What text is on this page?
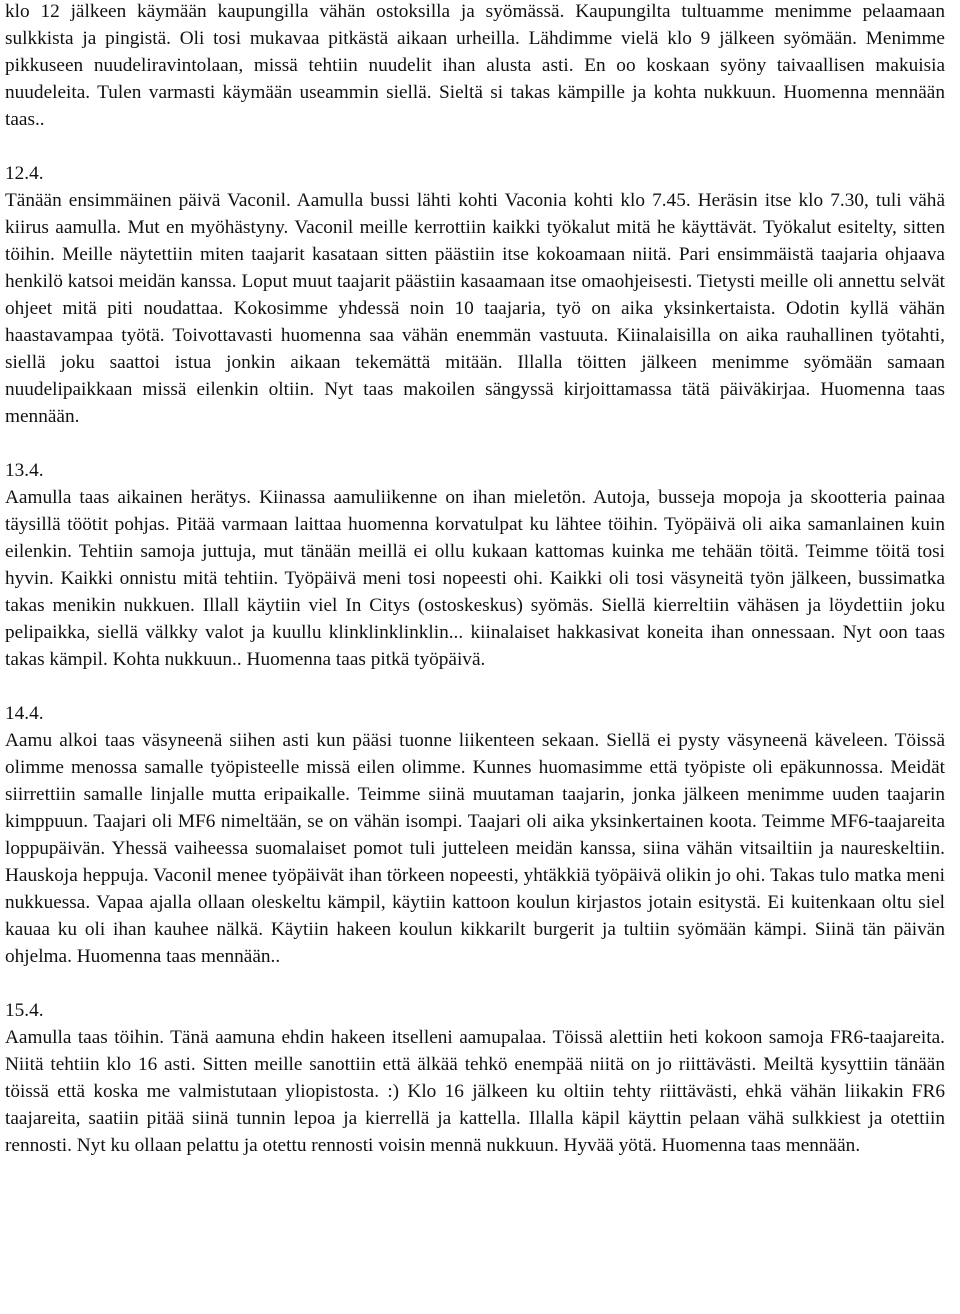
klo 12 jälkeen käymään kaupungilla vähän ostoksilla ja syömässä. Kaupungilta tultuamme menimme pelaamaan sulkkista ja pingistä. Oli tosi mukavaa pitkästä aikaan urheilla. Lähdimme vielä klo 9 jälkeen syömään. Menimme pikkuseen nuudeliravintolaan, missä tehtiin nuudelit ihan alusta asti. En oo koskaan syöny taivaallisen makuisia nuudeleita. Tulen varmasti käymään useammin siellä. Sieltä si takas kämpille ja kohta nukkuun. Huomenna mennään taas..

12.4.

Tänään ensimmäinen päivä Vaconil. Aamulla bussi lähti kohti Vaconia kohti klo 7.45. Heräsin itse klo 7.30, tuli vähä kiirus aamulla. Mut en myöhästyny. Vaconil meille kerrottiin kaikki työkalut mitä he käyttävät. Työkalut esitelty, sitten töihin. Meille näytettiin miten taajarit kasataan sitten päästiin itse kokoamaan niitä. Pari ensimmäistä taajaria ohjaava henkilö katsoi meidän kanssa. Loput muut taajarit päästiin kasaamaan itse omaohjeisesti. Tietysti meille oli annettu selvät ohjeet mitä piti noudattaa. Kokosimme yhdessä noin 10 taajaria, työ on aika yksinkertaista. Odotin kyllä vähän haastavampaa työtä. Toivottavasti huomenna saa vähän enemmän vastuuta. Kiinalaisilla on aika rauhallinen työtahti, siellä joku saattoi istua jonkin aikaan tekemättä mitään. Illalla töitten jälkeen menimme syömään samaan nuudelipaikkaan missä eilenkin oltiin. Nyt taas makoilen sängyssä kirjoittamassa tätä päiväkirjaa. Huomenna taas mennään.

13.4.

Aamulla taas aikainen herätys. Kiinassa aamuliikenne on ihan mieletön. Autoja, busseja mopoja ja skootteria painaa täysillä töötit pohjas. Pitää varmaan laittaa huomenna korvatulpat ku lähtee töihin. Työpäivä oli aika samanlainen kuin eilenkin. Tehtiin samoja juttuja, mut tänään meillä ei ollu kukaan kattomas kuinka me tehään töitä. Teimme töitä tosi hyvin. Kaikki onnistu mitä tehtiin. Työpäivä meni tosi nopeesti ohi. Kaikki oli tosi väsyneitä työn jälkeen, bussimatka takas menikin nukkuen. Illall käytiin viel In Citys (ostoskeskus) syömäs. Siellä kierreltiin vähäsen ja löydettiin joku pelipaikka, siellä välkky valot ja kuullu klinklinklinklin... kiinalaiset hakkasivat koneita ihan onnessaan. Nyt oon taas takas kämpil. Kohta nukkuun.. Huomenna taas pitkä työpäivä.

14.4.

Aamu alkoi taas väsyneenä siihen asti kun pääsi tuonne liikenteen sekaan. Siellä ei pysty väsyneenä käveleen. Töissä olimme menossa samalle työpisteelle missä eilen olimme. Kunnes huomasimme että työpiste oli epäkunnossa. Meidät siirrettiin samalle linjalle mutta eripaikalle. Teimme siinä muutaman taajarin, jonka jälkeen menimme uuden taajarin kimppuun. Taajari oli MF6 nimeltään, se on vähän isompi. Taajari oli aika yksinkertainen koota. Teimme MF6-taajareita loppupäivän. Yhessä vaiheessa suomalaiset pomot tuli jutteleen meidän kanssa, siina vähän vitsailtiin ja naureskeltiin. Hauskoja heppuja. Vaconil menee työpäivät ihan törkeen nopeesti, yhtäkkiä työpäivä olikin jo ohi. Takas tulo matka meni nukkuessa. Vapaa ajalla ollaan oleskeltu kämpil, käytiin kattoon koulun kirjastos jotain esitystä. Ei kuitenkaan oltu siel kauaa ku oli ihan kauhee nälkä. Käytiin hakeen koulun kikkarilt burgerit ja tultiin syömään kämpi. Siinä tän päivän ohjelma. Huomenna taas mennään..

15.4.

Aamulla taas töihin. Tänä aamuna ehdin hakeen itselleni aamupalaa. Töissä alettiin heti kokoon samoja FR6-taajareita. Niitä tehtiin klo 16 asti. Sitten meille sanottiin että älkää tehkö enempää niitä on jo riittävästi. Meiltä kysyttiin tänään töissä että koska me valmistutaan yliopistosta. :) Klo 16 jälkeen ku oltiin tehty riittävästi, ehkä vähän liikakin FR6 taajareita, saatiin pitää siinä tunnin lepoa ja kierrellä ja kattella. Illalla käpil käyttin pelaan vähä sulkkiest ja otettiin rennosti. Nyt ku ollaan pelattu ja otettu rennosti voisin mennä nukkuun. Hyvää yötä. Huomenna taas mennään.
